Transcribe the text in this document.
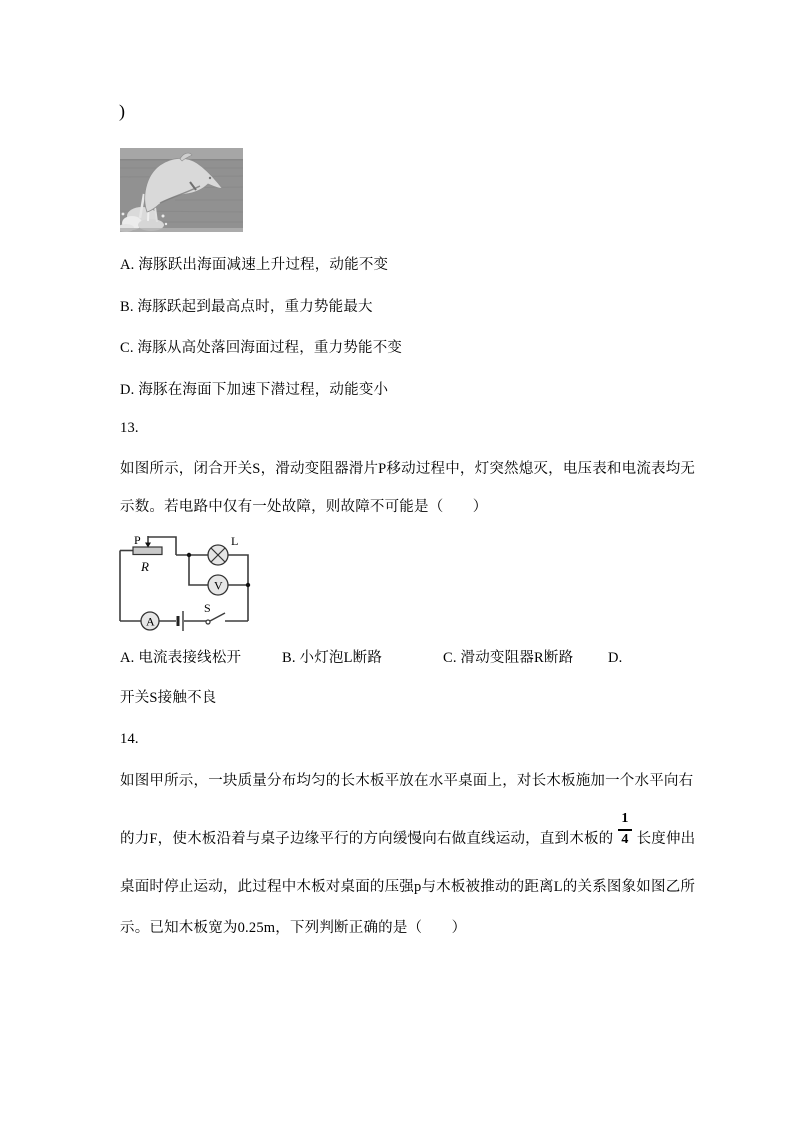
)
A. 海豚跃出海面减速上升过程，动能不变
B. 海豚跃起到最高点时，重力势能最大
C. 海豚从高处落回海面过程，重力势能不变
D. 海豚在海面下加速下潜过程，动能变小
13.
如图所示，闭合开关S，滑动变阻器滑片P移动过程中，灯突然熄灭，电压表和电流表均无
示数。若电路中仅有一处故障，则故障不可能是（　　）
P
R
L
V
A
S
A. 电流表接线松开	B. 小灯泡L断路	C. 滑动变阻器R断路 D.
开关S接触不良
14.
如图甲所示，一块质量分布均匀的长木板平放在水平桌面上，对长木板施加一个水平向右
的力F，使木板沿着与桌子边缘平行的方向缓慢向右做直线运动，直到木板的 $\frac{1}{4}$ 长度伸出
桌面时停止运动，此过程中木板对桌面的压强p与木板被推动的距离L的关系图象如图乙所
示。已知木板宽为0.25m，下列判断正确的是（　　）
